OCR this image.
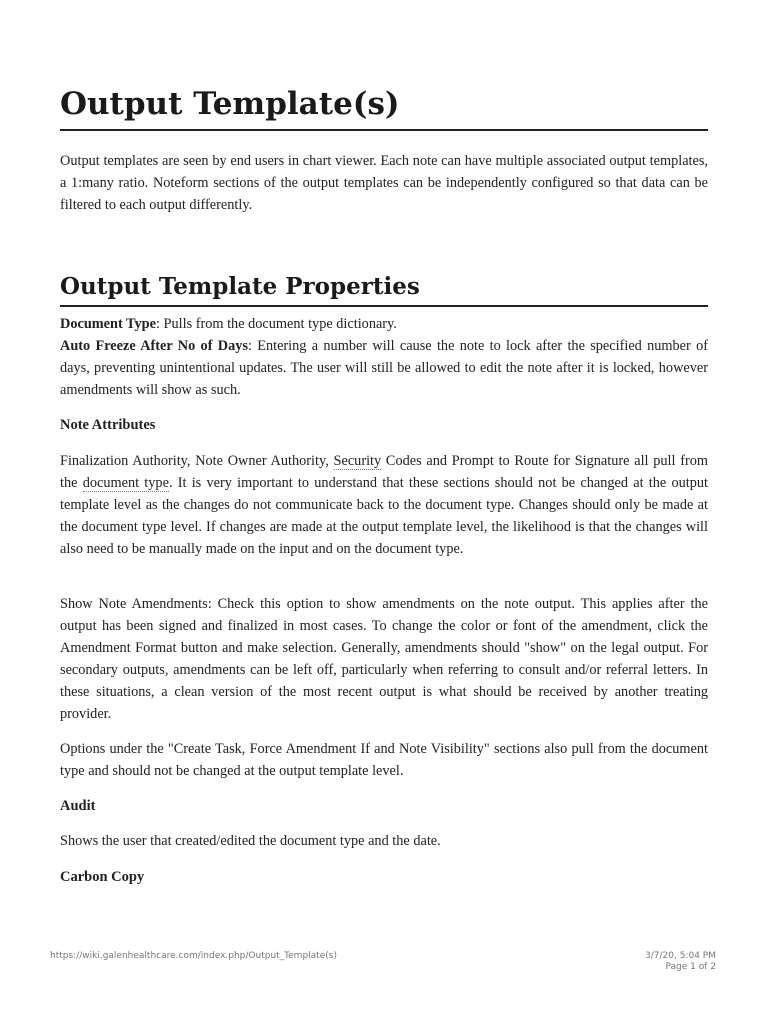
Output Template(s)

Output templates are seen by end users in chart viewer. Each note can have multiple associated output templates, a 1:many ratio. Noteform sections of the output templates can be independently configured so that data can be filtered to each output differently.

Output Template Properties

Document Type: Pulls from the document type dictionary.
Auto Freeze After No of Days: Entering a number will cause the note to lock after the specified number of days, preventing unintentional updates. The user will still be allowed to edit the note after it is locked, however amendments will show as such.

Note Attributes

Finalization Authority, Note Owner Authority, Security Codes and Prompt to Route for Signature all pull from the document type. It is very important to understand that these sections should not be changed at the output template level as the changes do not communicate back to the document type. Changes should only be made at the document type level. If changes are made at the output template level, the likelihood is that the changes will also need to be manually made on the input and on the document type.

Show Note Amendments: Check this option to show amendments on the note output. This applies after the output has been signed and finalized in most cases. To change the color or font of the amendment, click the Amendment Format button and make selection. Generally, amendments should "show" on the legal output. For secondary outputs, amendments can be left off, particularly when referring to consult and/or referral letters. In these situations, a clean version of the most recent output is what should be received by another treating provider.

Options under the "Create Task, Force Amendment If and Note Visibility" sections also pull from the document type and should not be changed at the output template level.

Audit

Shows the user that created/edited the document type and the date.

Carbon Copy

https://wiki.galenhealthcare.com/index.php/Output_Template(s)	3/7/20, 5:04 PM
Page 1 of 2
